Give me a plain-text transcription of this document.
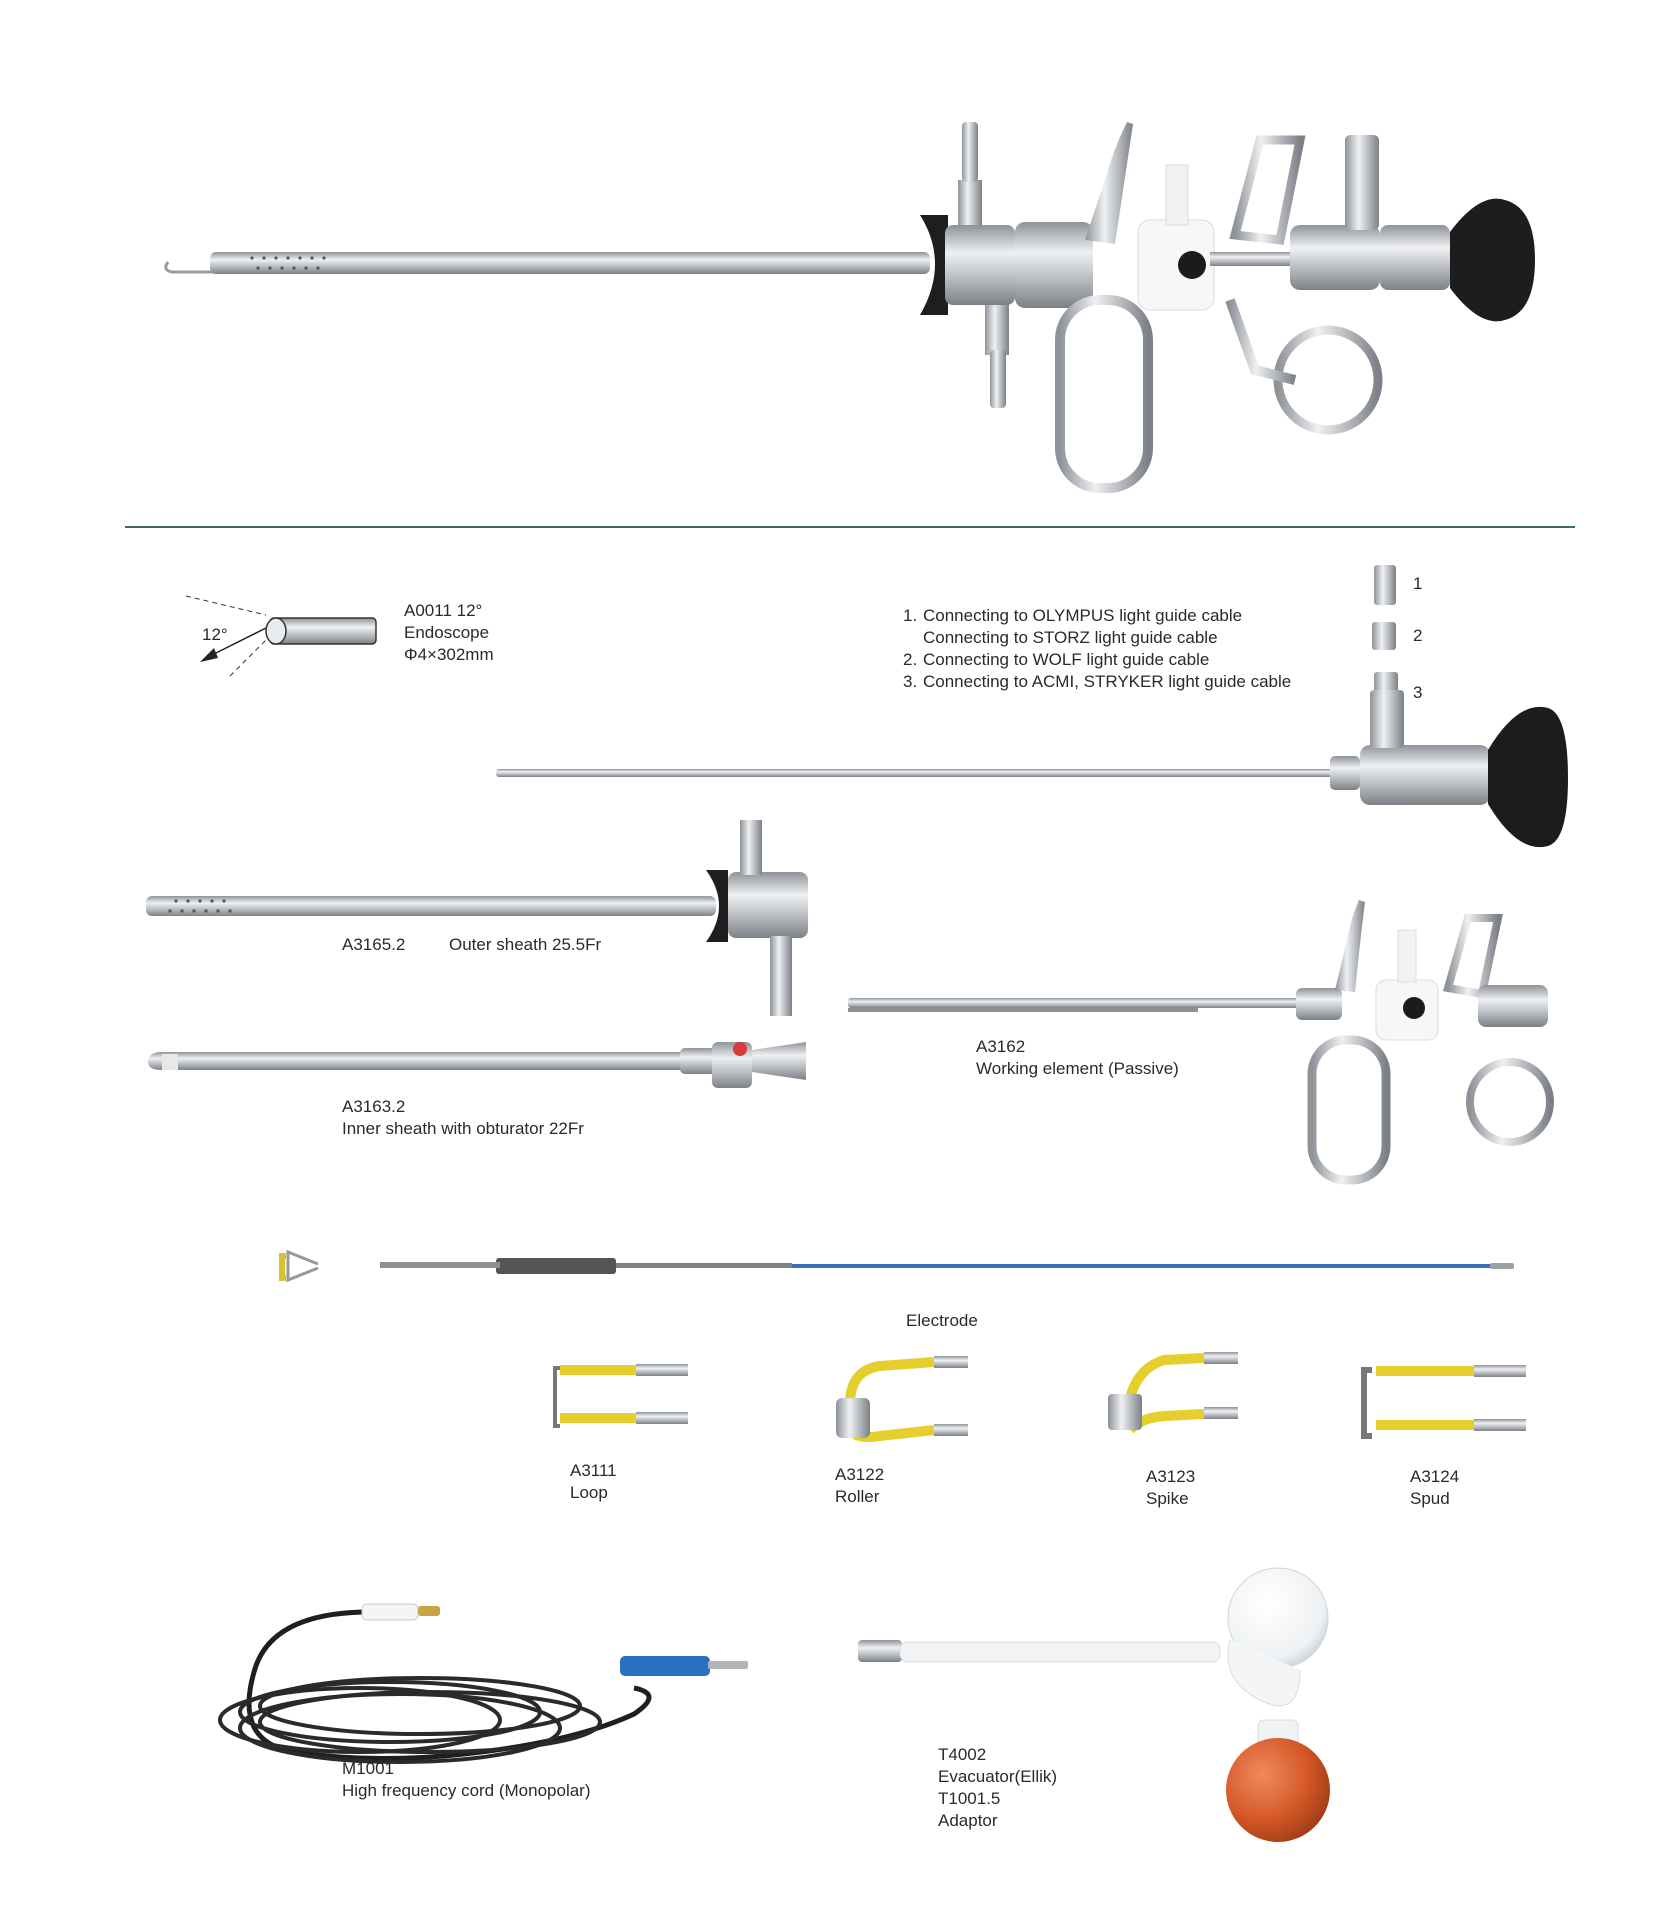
12°
A0011 12°
Endoscope
Φ4×302mm
1. Connecting to OLYMPUS light guide cable
Connecting to STORZ light guide cable
2. Connecting to WOLF light guide cable
3. Connecting to ACMI, STRYKER light guide cable
1
2
3
A3165.2	Outer sheath 25.5Fr
A3163.2
Inner sheath with obturator 22Fr
A3162
Working element (Passive)
Electrode
A3111
Loop
A3122
Roller
A3123
Spike
A3124
Spud
M1001
High frequency cord (Monopolar)
T4002
Evacuator(Ellik)
T1001.5
Adaptor
